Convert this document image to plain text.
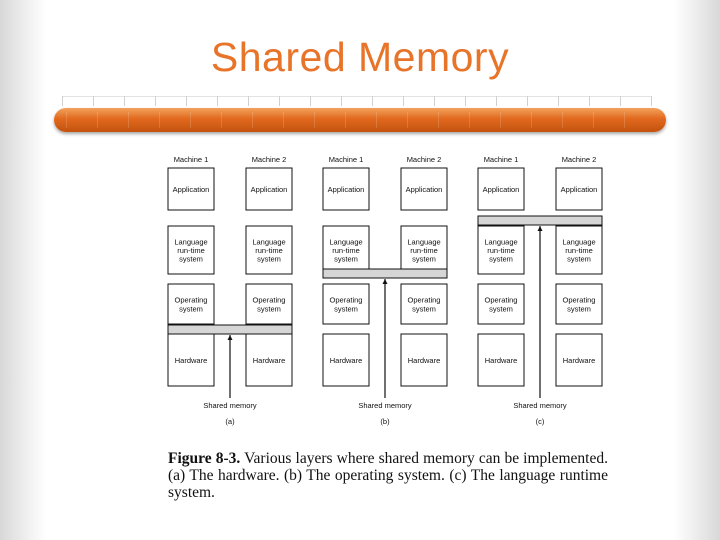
Shared Memory
Machine 1	Machine 2
Application	Application
Language run-time system
Language run-time system
Operating system
Operating system
Hardware	Hardware
Shared memory
(a)
Machine 1	Machine 2
Application	Application
Language run-time system
Language run-time system
Operating system
Operating system
Hardware	Hardware
Shared memory
(b)
Machine 1	Machine 2
Application	Application
Language run-time system
Language run-time system
Operating system
Operating system
Hardware	Hardware
Shared memory
(c)
Figure 8-3. Various layers where shared memory can be implemented. (a) The hardware. (b) The operating system. (c) The language runtime system.
